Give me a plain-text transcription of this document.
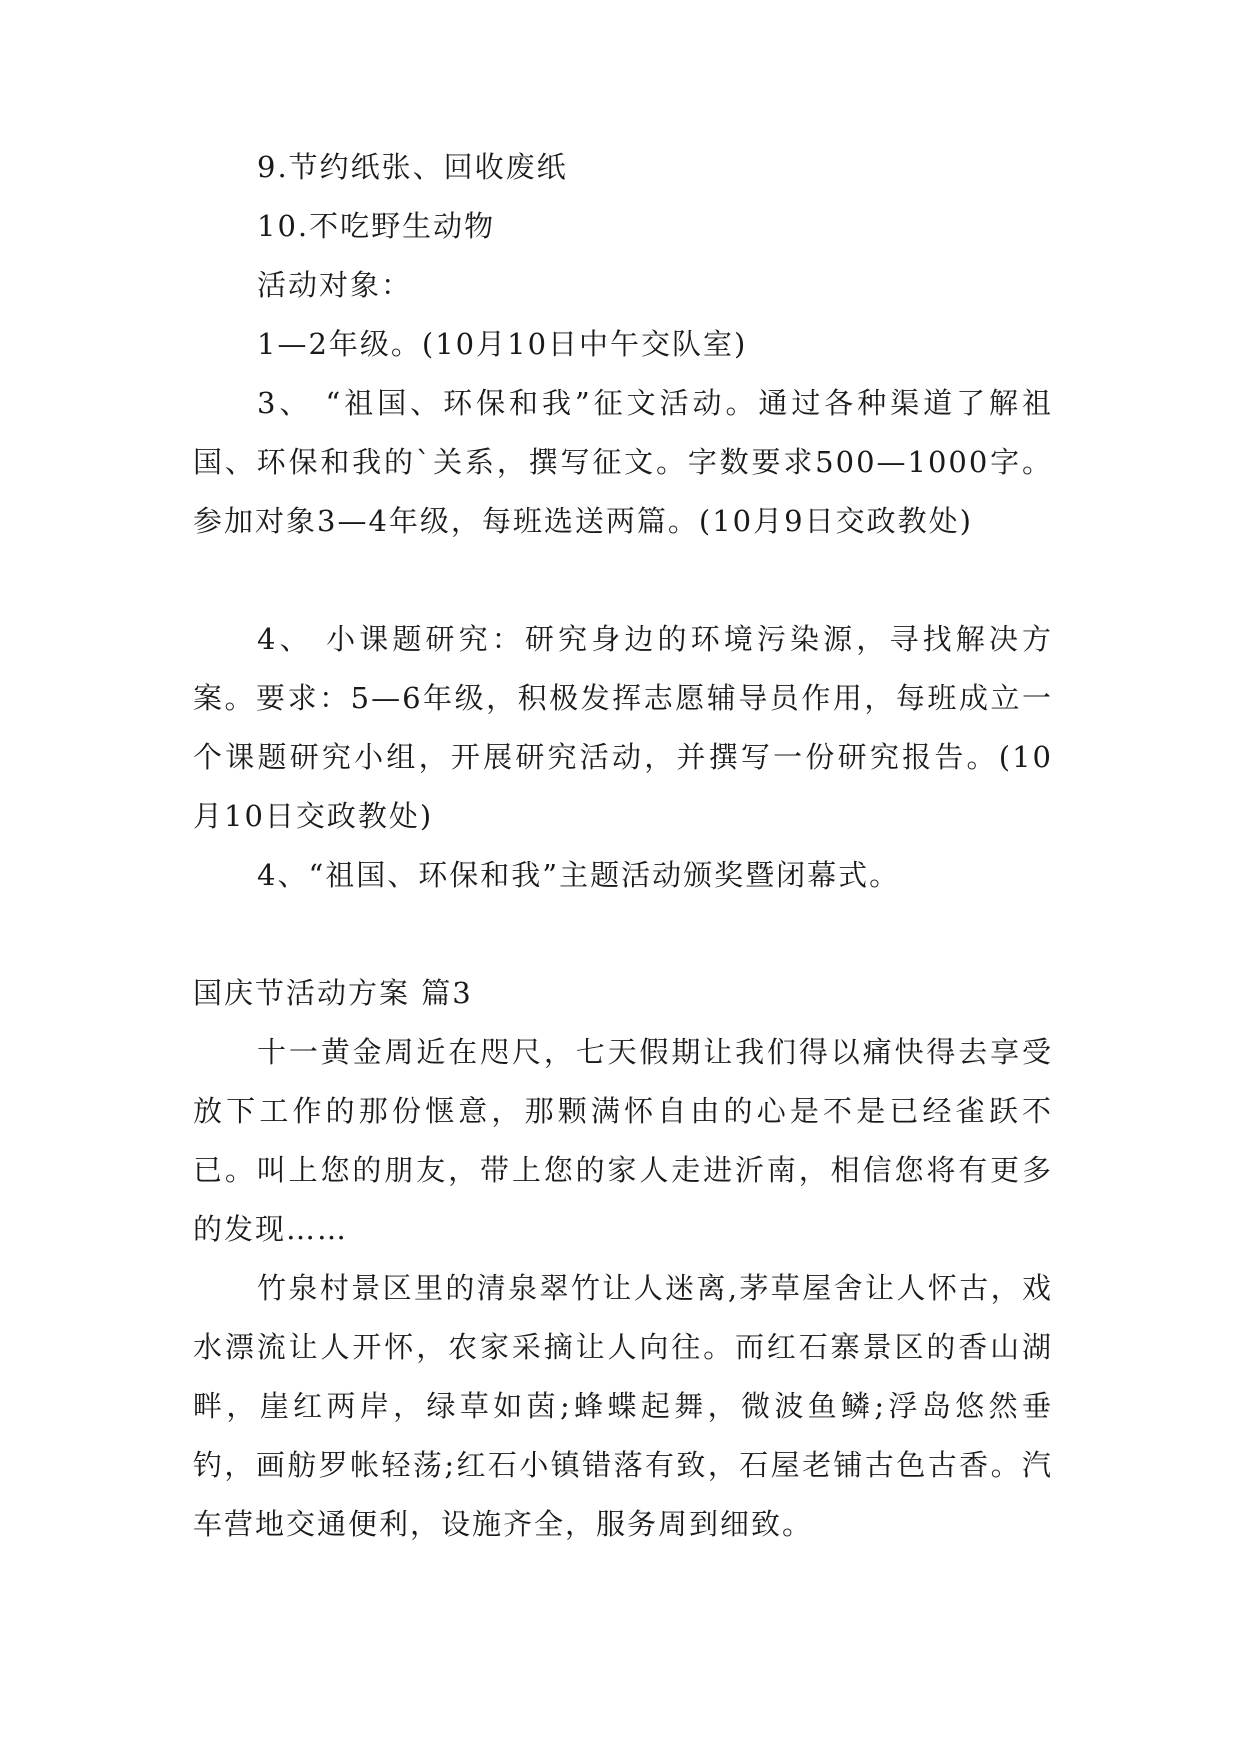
9.节约纸张、回收废纸

10.不吃野生动物

活动对象：

1—2年级。(10月10日中午交队室)

3、 “祖国、环保和我”征文活动。通过各种渠道了解祖国、环保和我的`关系，撰写征文。字数要求500—1000字。参加对象3—4年级，每班选送两篇。(10月9日交政教处)

4、 小课题研究：研究身边的环境污染源，寻找解决方案。要求：5—6年级，积极发挥志愿辅导员作用，每班成立一个课题研究小组，开展研究活动，并撰写一份研究报告。(10月10日交政教处)

4、“祖国、环保和我”主题活动颁奖暨闭幕式。

国庆节活动方案 篇3

十一黄金周近在咫尺，七天假期让我们得以痛快得去享受放下工作的那份惬意，那颗满怀自由的心是不是已经雀跃不已。叫上您的朋友，带上您的家人走进沂南，相信您将有更多的发现……

竹泉村景区里的清泉翠竹让人迷离,茅草屋舍让人怀古，戏水漂流让人开怀，农家采摘让人向往。而红石寨景区的香山湖畔，崖红两岸，绿草如茵;蜂蝶起舞，微波鱼鳞;浮岛悠然垂钓，画舫罗帐轻荡;红石小镇错落有致，石屋老铺古色古香。汽车营地交通便利，设施齐全，服务周到细致。
